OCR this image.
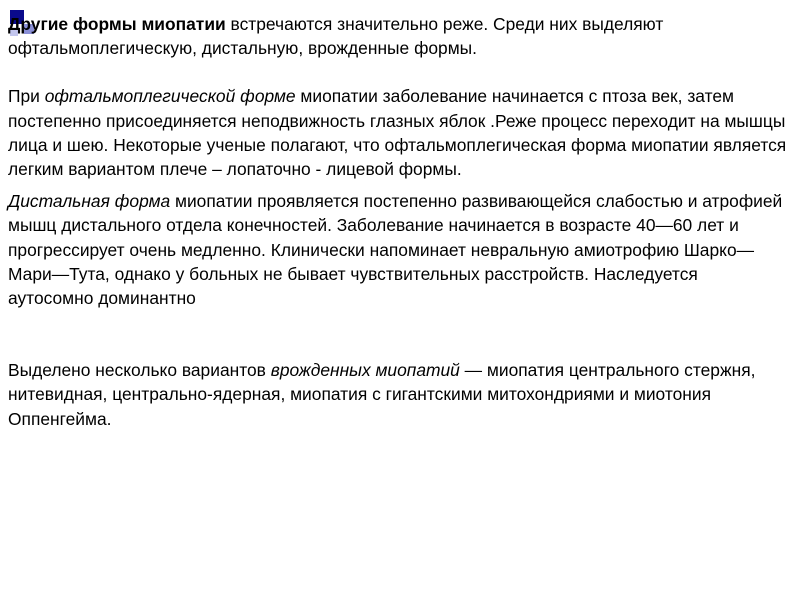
Другие формы миопатии встречаются значительно реже. Среди них выделяют офтальмоплегическую, дистальную, врожденные формы.

При офтальмоплегической форме миопатии заболевание начинается с птоза век, затем постепенно присоединяется неподвижность глазных яблок .Реже процесс переходит на мышцы лица и шею. Некоторые ученые полагают, что офтальмоплегическая форма миопатии является легким вариантом плече – лопаточно - лицевой формы.

Дистальная форма миопатии проявляется постепенно развивающейся слабостью и атрофией мышц дистального отдела конечностей. Заболевание начинается в возрасте 40—60 лет и прогрессирует очень медленно. Клинически напоминает невральную амиотрофию Шарко—Мари—Тута, однако у больных не бывает чувствительных расстройств. Наследуется аутосомно доминантно

Выделено несколько вариантов врожденных миопатий — миопатия центрального стержня, нитевидная, центрально-ядерная, миопатия с гигантскими митохондриями и миотония Оппенгейма.
